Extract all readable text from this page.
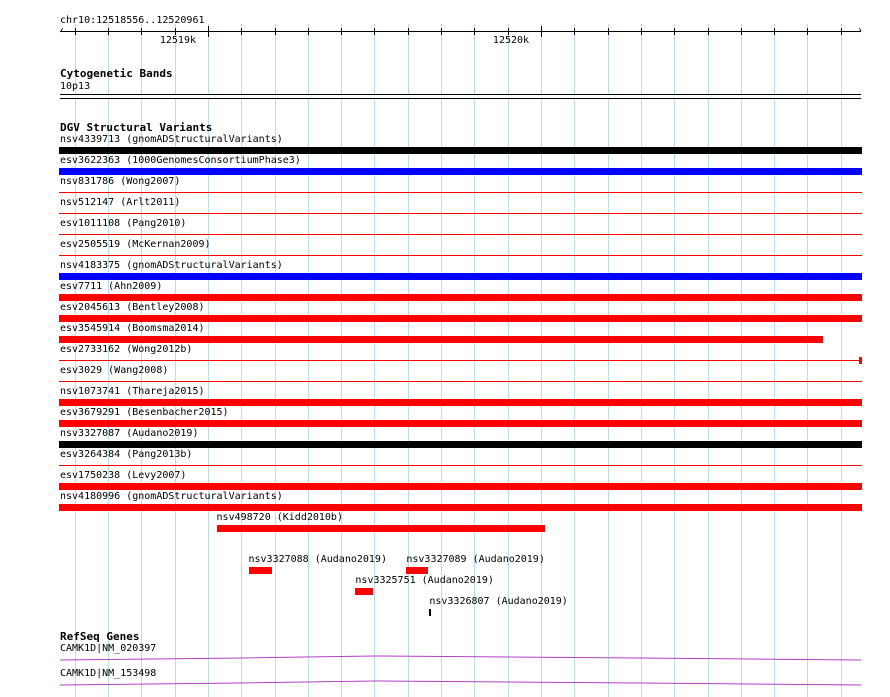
‹	›
12519k	12520k
chr10:12518556..12520961
Cytogenetic Bands
10p13
DGV Structural Variants
nsv4339713 (gnomADStructuralVariants)
esv3622363 (1000GenomesConsortiumPhase3)
nsv831786 (Wong2007)
nsv512147 (Arlt2011)
esv1011108 (Pang2010)
esv2505519 (McKernan2009)
nsv4183375 (gnomADStructuralVariants)
esv7711 (Ahn2009)
esv2045613 (Bentley2008)
esv3545914 (Boomsma2014)
esv2733162 (Wong2012b)
esv3029 (Wang2008)
nsv1073741 (Thareja2015)
esv3679291 (Besenbacher2015)
nsv3327087 (Audano2019)
esv3264384 (Pang2013b)
esv1750238 (Levy2007)
nsv4180996 (gnomADStructuralVariants)
nsv498720 (Kidd2010b)
nsv3327088 (Audano2019) nsv3327089 (Audano2019)
nsv3325751 (Audano2019)
nsv3326807 (Audano2019)
RefSeq Genes
CAMK1D|NM_020397
CAMK1D|NM_153498
